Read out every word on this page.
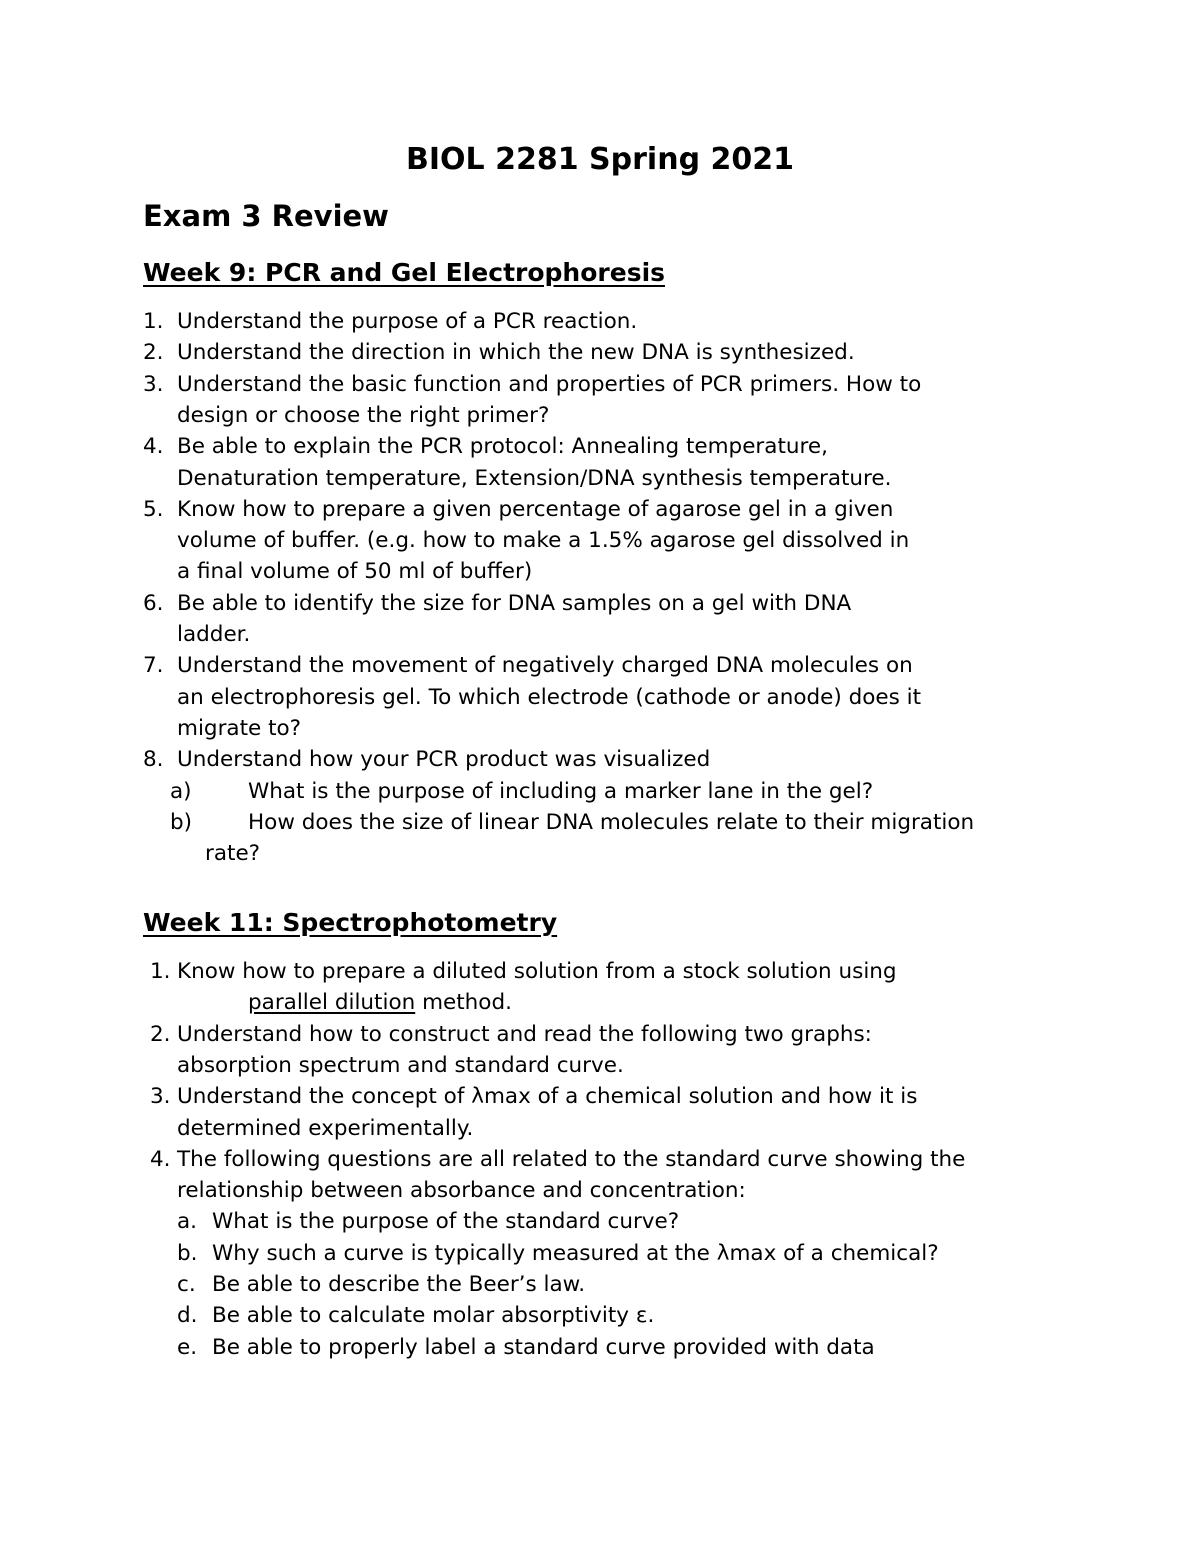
BIOL 2281 Spring 2021
Exam 3 Review
Week 9: PCR and Gel Electrophoresis
1. Understand the purpose of a PCR reaction.
2. Understand the direction in which the new DNA is synthesized.
3. Understand the basic function and properties of PCR primers. How to
design or choose the right primer?
4. Be able to explain the PCR protocol: Annealing temperature,
Denaturation temperature, Extension/DNA synthesis temperature.
5. Know how to prepare a given percentage of agarose gel in a given
volume of buffer. (e.g. how to make a 1.5% agarose gel dissolved in
a final volume of 50 ml of buffer)
6. Be able to identify the size for DNA samples on a gel with DNA
ladder.
7. Understand the movement of negatively charged DNA molecules on
an electrophoresis gel. To which electrode (cathode or anode) does it
migrate to?
8. Understand how your PCR product was visualized
a)	What is the purpose of including a marker lane in the gel?
b)	How does the size of linear DNA molecules relate to their migration
rate?
Week 11: Spectrophotometry
1. Know how to prepare a diluted solution from a stock solution using
parallel dilution method.
2. Understand how to construct and read the following two graphs:
absorption spectrum and standard curve.
3. Understand the concept of λmax of a chemical solution and how it is
determined experimentally.
4. The following questions are all related to the standard curve showing the
relationship between absorbance and concentration:
a. What is the purpose of the standard curve?
b. Why such a curve is typically measured at the λmax of a chemical?
c. Be able to describe the Beer’s law.
d. Be able to calculate molar absorptivity ε.
e. Be able to properly label a standard curve provided with data
